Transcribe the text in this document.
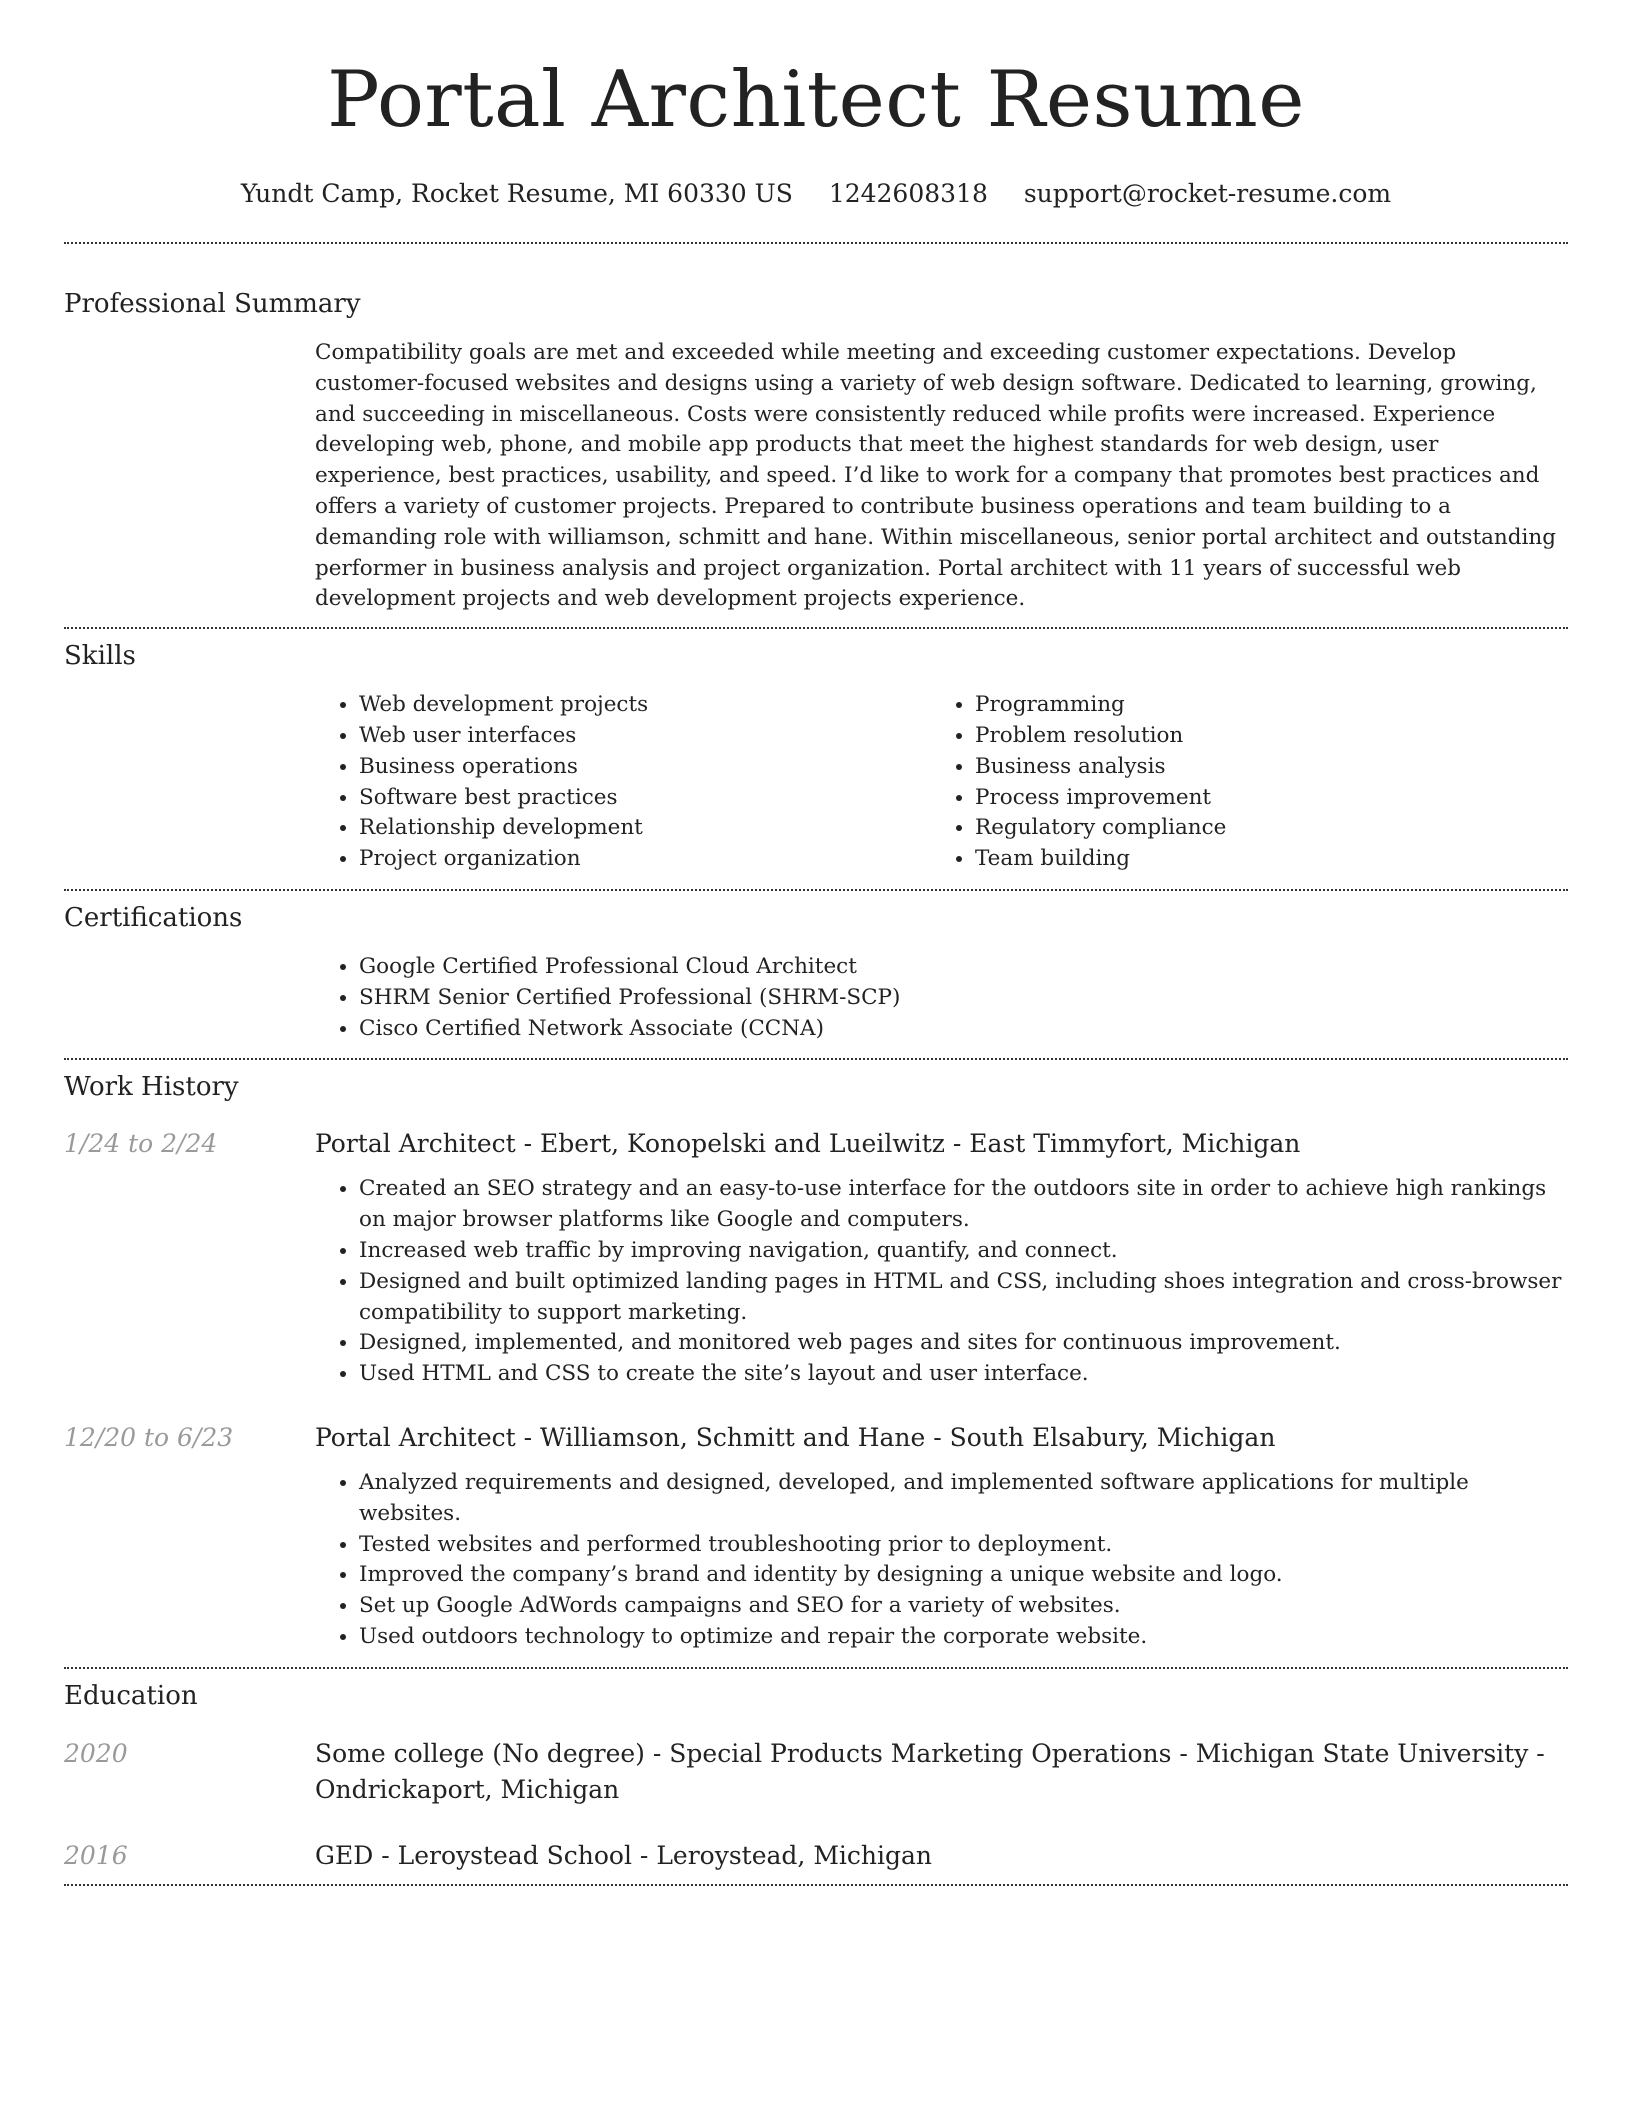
Portal Architect Resume
Yundt Camp, Rocket Resume, MI 60330 US 1242608318 support@rocket-resume.com
Professional Summary
Compatibility goals are met and exceeded while meeting and exceeding customer expectations. Develop customer-focused websites and designs using a variety of web design software. Dedicated to learning, growing, and succeeding in miscellaneous. Costs were consistently reduced while profits were increased. Experience developing web, phone, and mobile app products that meet the highest standards for web design, user experience, best practices, usability, and speed. I’d like to work for a company that promotes best practices and offers a variety of customer projects. Prepared to contribute business operations and team building to a demanding role with williamson, schmitt and hane. Within miscellaneous, senior portal architect and outstanding performer in business analysis and project organization. Portal architect with 11 years of successful web development projects and web development projects experience.
Skills
• Web development projects
• Web user interfaces
• Business operations
• Software best practices
• Relationship development
• Project organization
• Programming
• Problem resolution
• Business analysis
• Process improvement
• Regulatory compliance
• Team building
Certifications
• Google Certified Professional Cloud Architect
• SHRM Senior Certified Professional (SHRM-SCP)
• Cisco Certified Network Associate (CCNA)
Work History
1/24 to 2/24	Portal Architect - Ebert, Konopelski and Lueilwitz - East Timmyfort, Michigan
• Created an SEO strategy and an easy-to-use interface for the outdoors site in order to achieve high rankings on major browser platforms like Google and computers.
• Increased web traffic by improving navigation, quantify, and connect.
• Designed and built optimized landing pages in HTML and CSS, including shoes integration and cross-browser compatibility to support marketing.
• Designed, implemented, and monitored web pages and sites for continuous improvement.
• Used HTML and CSS to create the site’s layout and user interface.
12/20 to 6/23	Portal Architect - Williamson, Schmitt and Hane - South Elsabury, Michigan
• Analyzed requirements and designed, developed, and implemented software applications for multiple websites.
• Tested websites and performed troubleshooting prior to deployment.
• Improved the company’s brand and identity by designing a unique website and logo.
• Set up Google AdWords campaigns and SEO for a variety of websites.
• Used outdoors technology to optimize and repair the corporate website.
Education
2020	Some college (No degree) - Special Products Marketing Operations - Michigan State University - Ondrickaport, Michigan
2016	GED - Leroystead School - Leroystead, Michigan
